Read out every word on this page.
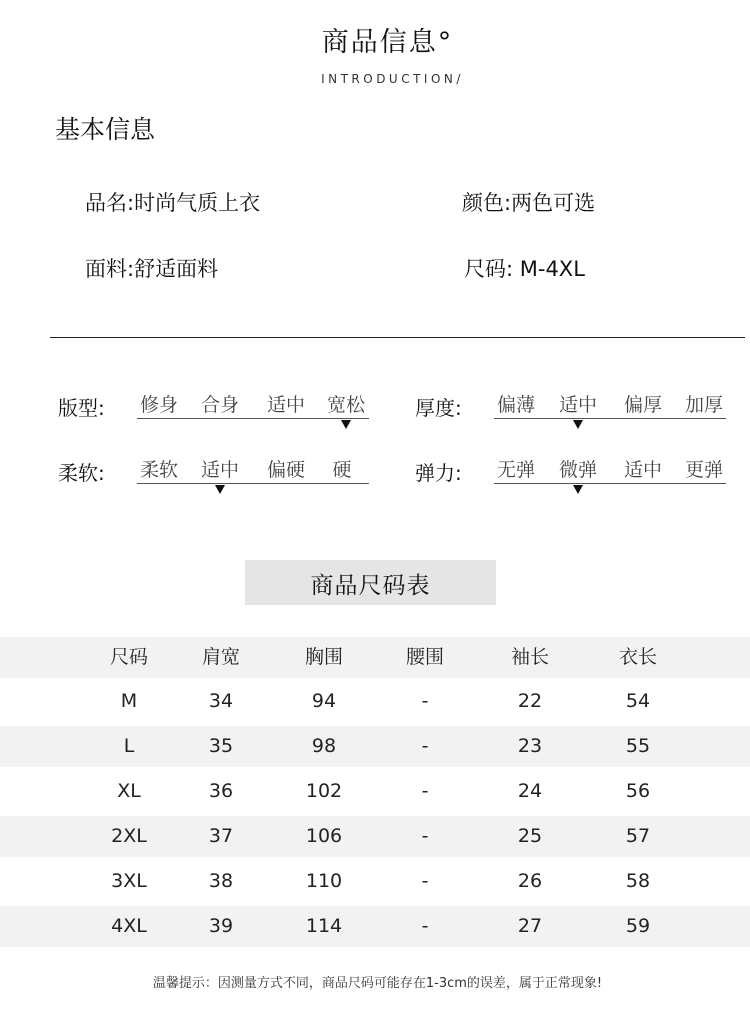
商品信息°
INTRODUCTION/
基本信息
品名:时尚气质上衣	颜色:两色可选
面料:舒适面料	尺码: M-4XL
版型: 修身 合身 适中 宽松 厚度: 偏薄 适中 偏厚 加厚
柔软: 柔软 适中 偏硬 硬	弹力: 无弹 微弹 适中 更弹
商品尺码表
尺码	肩宽	胸围	腰围	袖长	衣长
M	34	94	-	22	54
L	35	98	-	23	55
XL	36	102	-	24	56
2XL	37	106	-	25	57
3XL	38	110	-	26	58
4XL	39	114	-	27	59
温馨提示：因测量方式不同，商品尺码可能存在1-3cm的误差，属于正常现象!
